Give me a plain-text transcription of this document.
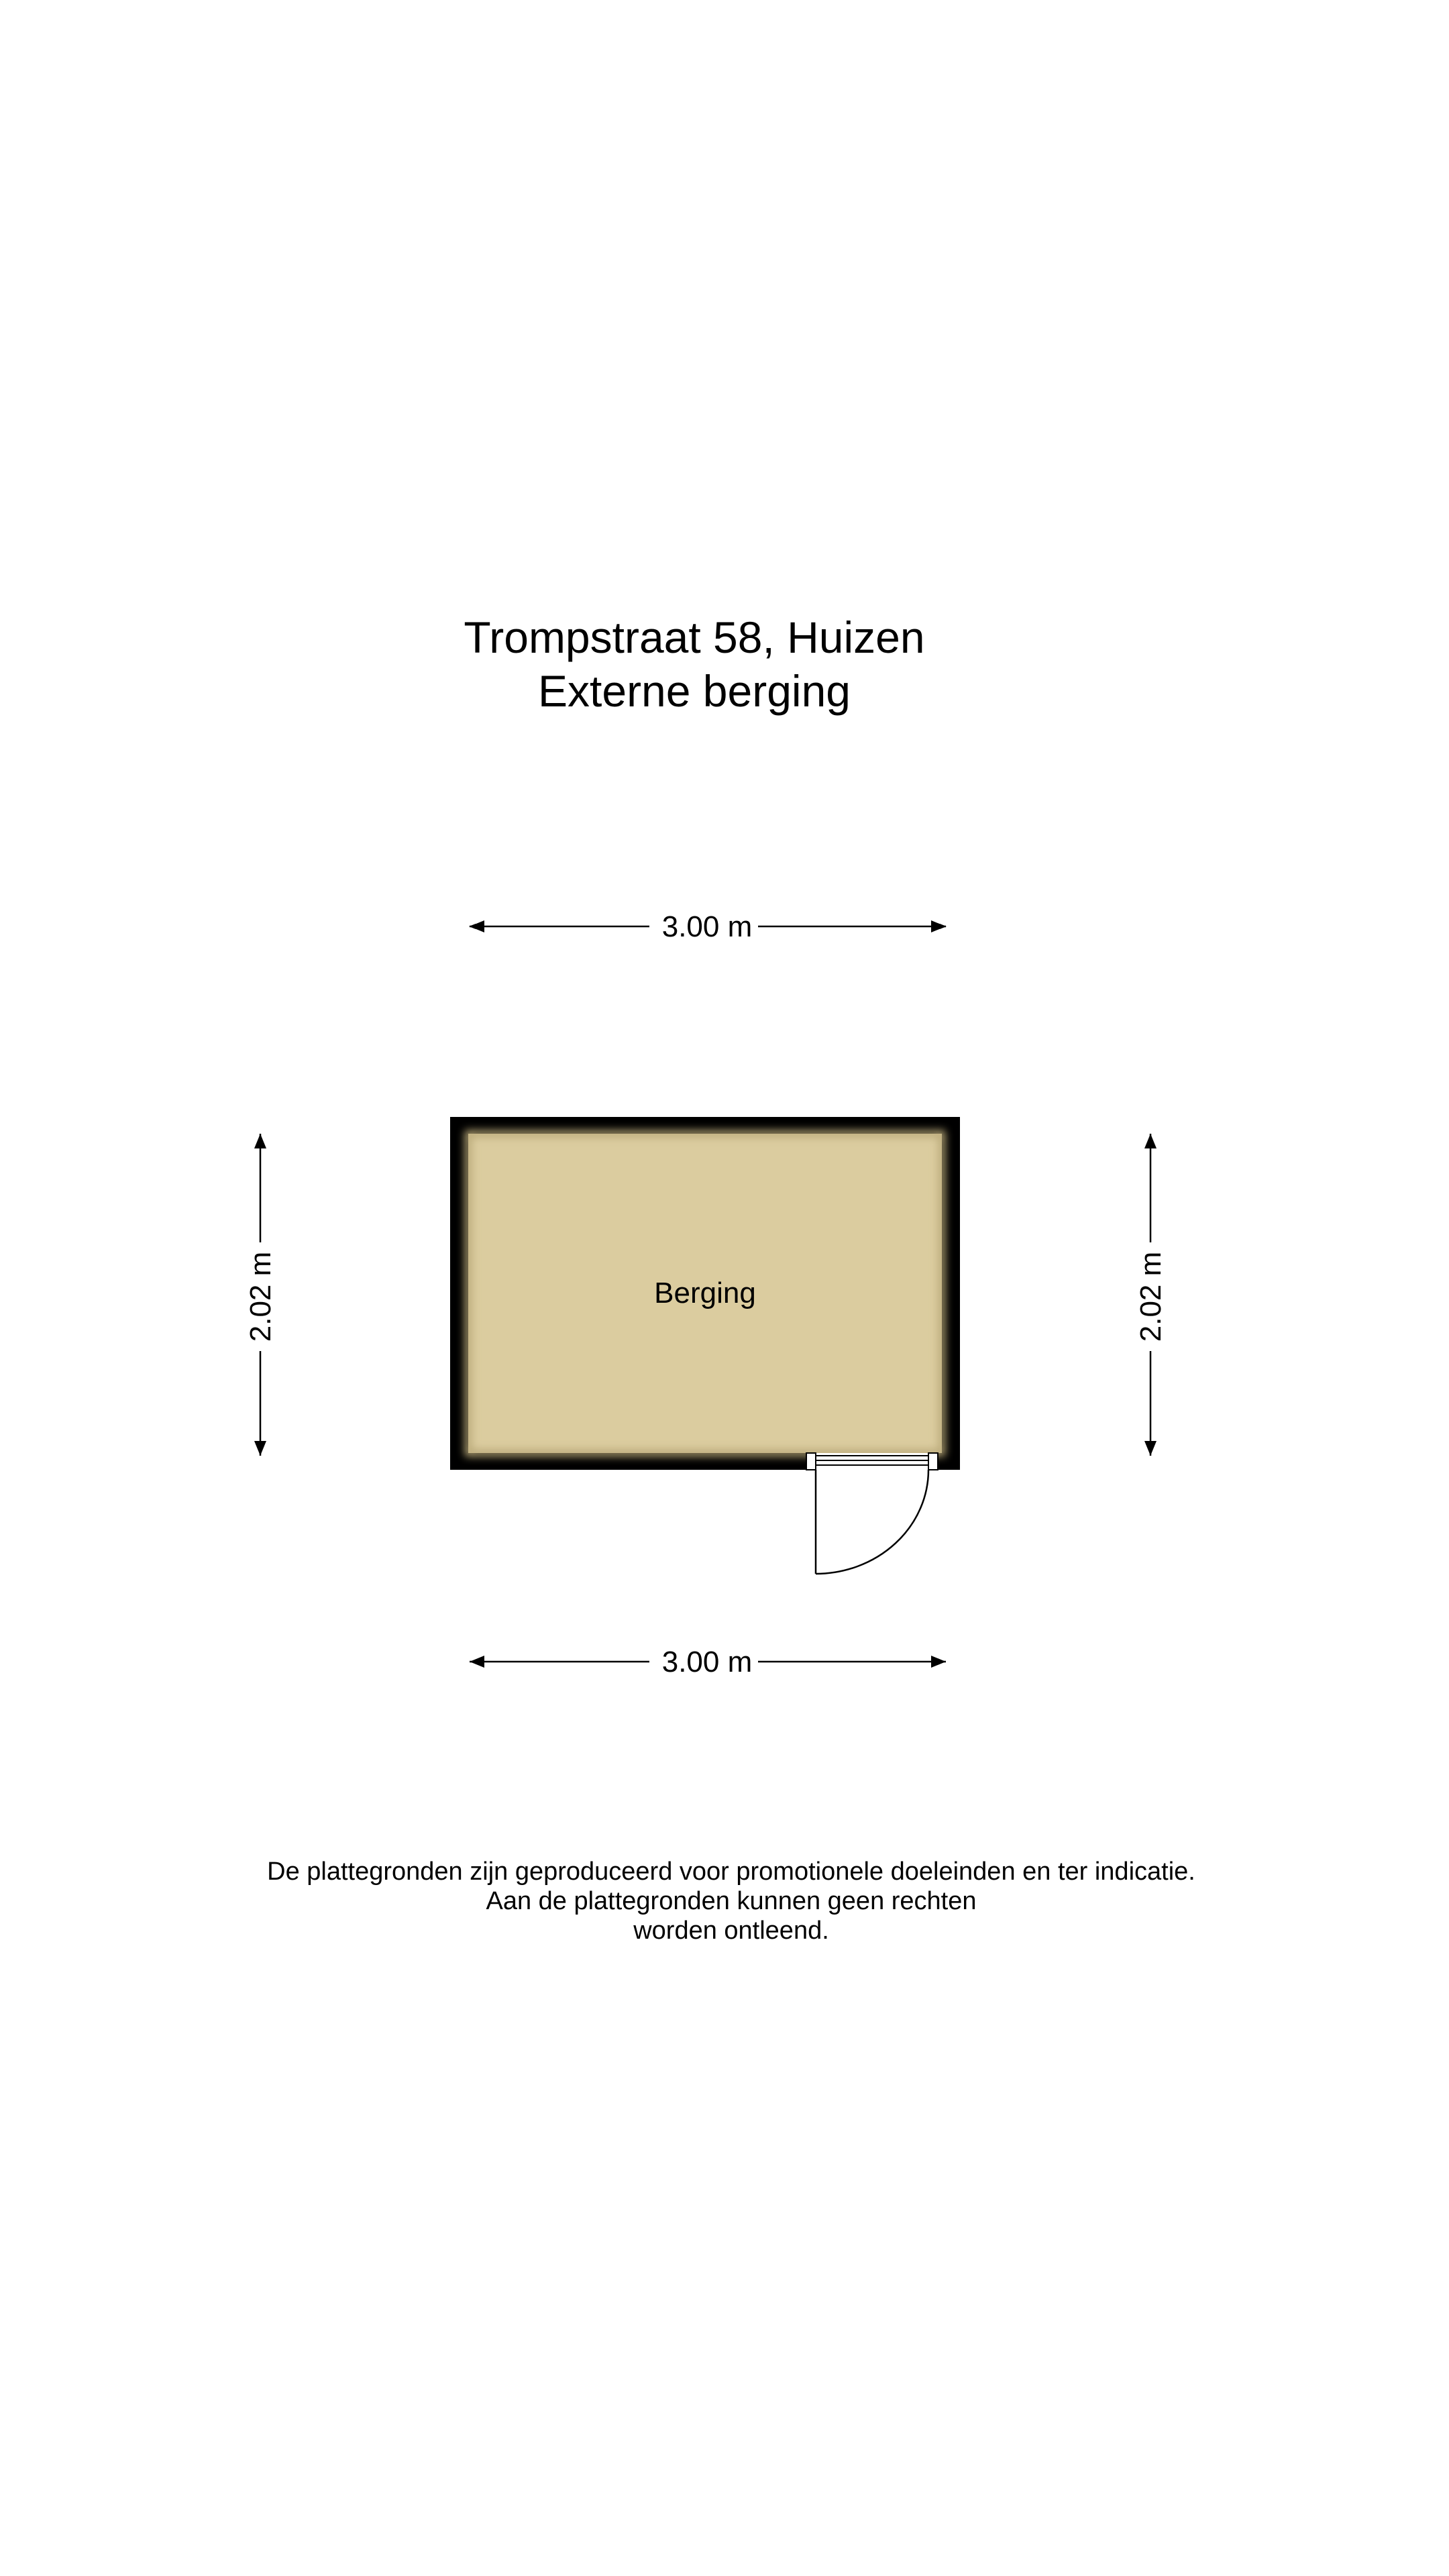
Trompstraat 58, Huizen
Externe berging
3.00 m
3.00 m
2.02 m	2.02 m
Berging
De plattegronden zijn geproduceerd voor promotionele doeleinden en ter indicatie.
Aan de plattegronden kunnen geen rechten
worden ontleend.
